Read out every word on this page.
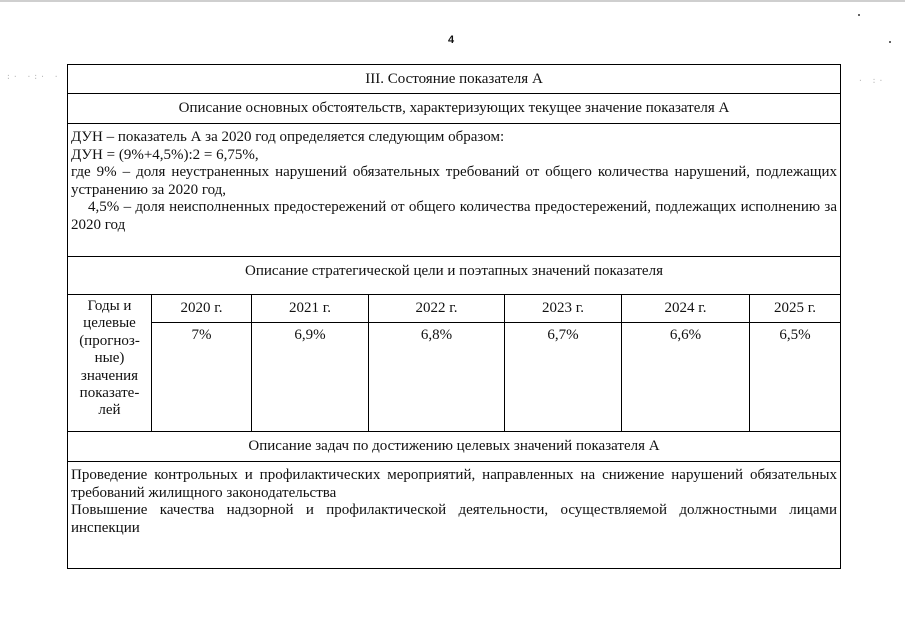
:· ·:· ·	· :·
4
III. Состояние показателя А
Описание основных обстоятельств, характеризующих текущее значение показателя А

ДУН – показатель А за 2020 год определяется следующим образом:

ДУН = (9%+4,5%):2 = 6,75%,

где 9% – доля неустраненных нарушений обязательных требований от общего количества нарушений, подлежащих устранению за 2020 год,

4,5% – доля неисполненных предостережений от общего количества предостережений, подлежащих исполнению за 2020 год

Описание стратегической цели и поэтапных значений показателя
Годы и целевые (прогноз- ные) значения показате- лей
2020 г.	2021 г.	2022 г.	2023 г.	2024 г.	2025 г.
7%	6,9%	6,8%	6,7%	6,6%	6,5%
Описание задач по достижению целевых значений показателя А

Проведение контрольных и профилактических мероприятий, направленных на снижение нарушений обязательных требований жилищного законодательства

Повышение качества надзорной и профилактической деятельности, осуществляемой должностными лицами инспекции
